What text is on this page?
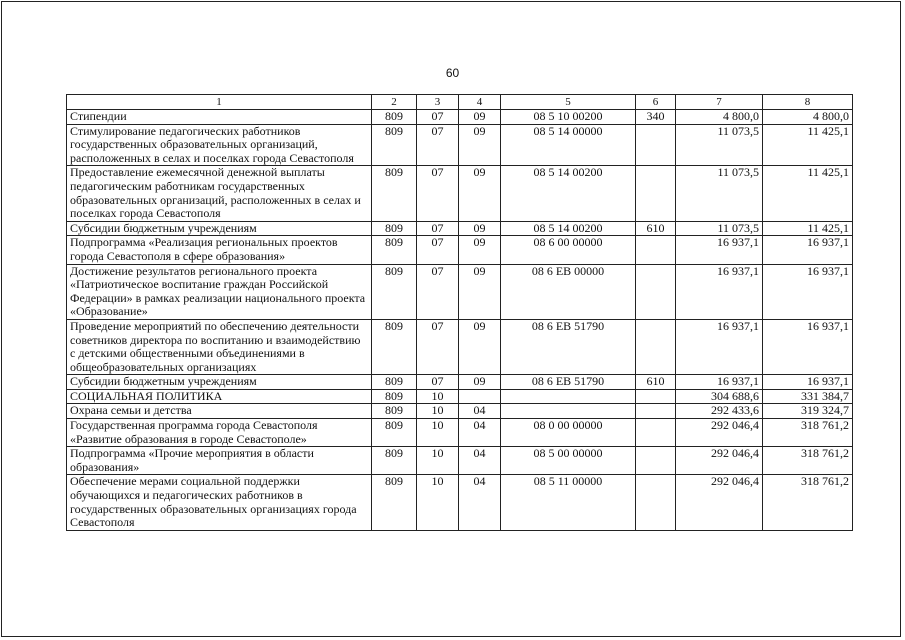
60
1	2	3	4	5	6	7	8
Стипендии	809	07	09	08 5 10 00200	340	4 800,0	4 800,0
Стимулирование педагогических работников государственных образовательных организаций, расположенных в селах и поселках города Севастополя	809	07	09	08 5 14 00000		11 073,5	11 425,1
Предоставление ежемесячной денежной выплаты педагогическим работникам государственных образовательных организаций, расположенных в селах и поселках города Севастополя	809	07	09	08 5 14 00200		11 073,5	11 425,1
Субсидии бюджетным учреждениям	809	07	09	08 5 14 00200	610	11 073,5	11 425,1
Подпрограмма «Реализация региональных проектов города Севастополя в сфере образования»	809	07	09	08 6 00 00000		16 937,1	16 937,1
Достижение результатов регионального проекта «Патриотическое воспитание граждан Российской Федерации» в рамках реализации национального проекта «Образование»	809	07	09	08 6 EB 00000		16 937,1	16 937,1
Проведение мероприятий по обеспечению деятельности советников директора по воспитанию и взаимодействию с детскими общественными объединениями в общеобразовательных организациях	809	07	09	08 6 EB 51790		16 937,1	16 937,1
Субсидии бюджетным учреждениям	809	07	09	08 6 EB 51790	610	16 937,1	16 937,1
СОЦИАЛЬНАЯ ПОЛИТИКА	809	10				304 688,6	331 384,7
Охрана семьи и детства	809	10	04			292 433,6	319 324,7
Государственная программа города Севастополя «Развитие образования в городе Севастополе»	809	10	04	08 0 00 00000		292 046,4	318 761,2
Подпрограмма «Прочие мероприятия в области образования»	809	10	04	08 5 00 00000		292 046,4	318 761,2
Обеспечение мерами социальной поддержки обучающихся и педагогических работников в государственных образовательных организациях города Севастополя	809	10	04	08 5 11 00000		292 046,4	318 761,2
